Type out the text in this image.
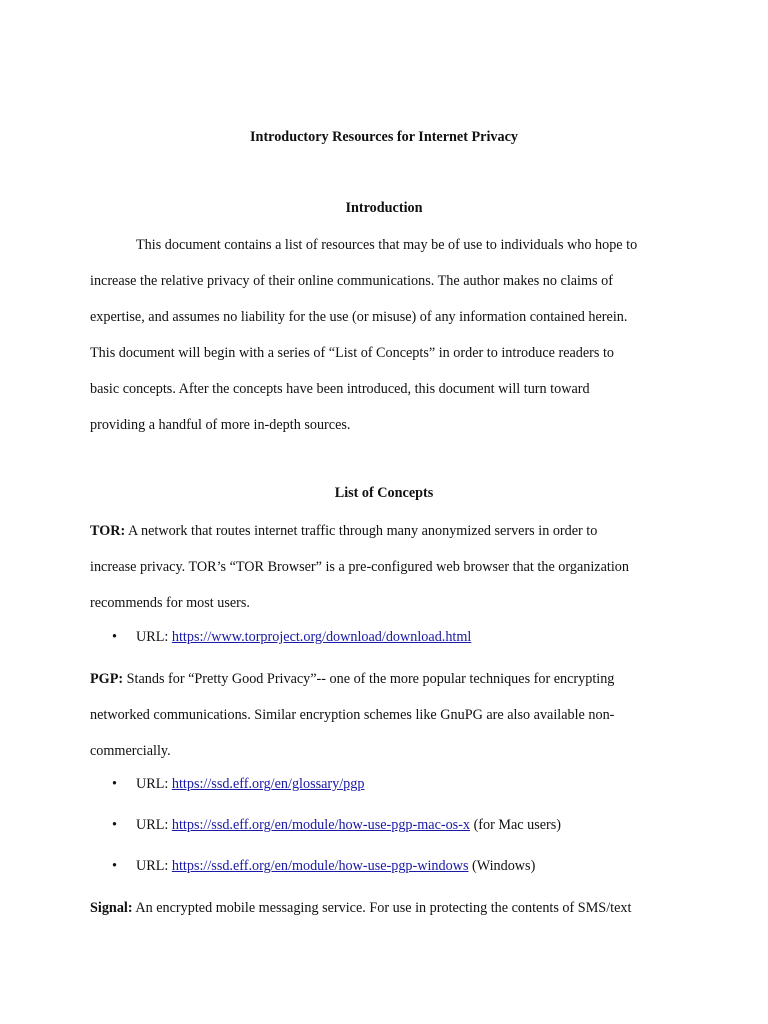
Introductory Resources for Internet Privacy
Introduction

This document contains a list of resources that may be of use to individuals who hope to
increase the relative privacy of their online communications. The author makes no claims of
expertise, and assumes no liability for the use (or misuse) of any information contained herein.
This document will begin with a series of “List of Concepts” in order to introduce readers to
basic concepts. After the concepts have been introduced, this document will turn toward
providing a handful of more in-depth sources.

List of Concepts

TOR: A network that routes internet traffic through many anonymized servers in order to
increase privacy. TOR’s “TOR Browser” is a pre-configured web browser that the organization
recommends for most users.

• URL: https://www.torproject.org/download/download.html

PGP: Stands for “Pretty Good Privacy”-- one of the more popular techniques for encrypting
networked communications. Similar encryption schemes like GnuPG are also available non-
commercially.

• URL: https://ssd.eff.org/en/glossary/pgp
• URL: https://ssd.eff.org/en/module/how-use-pgp-mac-os-x (for Mac users)
• URL: https://ssd.eff.org/en/module/how-use-pgp-windows (Windows)

Signal: An encrypted mobile messaging service. For use in protecting the contents of SMS/text
